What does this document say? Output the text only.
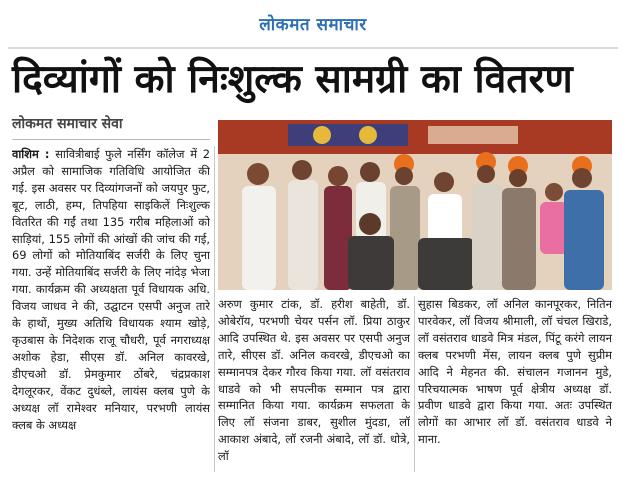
लोकमत समाचार
दिव्यांगों को निःशुल्क सामग्री का वितरण
लोकमत समाचार सेवा
वाशिम : सावित्रीबाई फुले नर्सिंग कॉलेज में 2 अप्रैल को सामाजिक गतिविधि आयोजित की गई. इस अवसर पर दिव्यांगजनों को जयपुर फुट, बूट, लाठी, हम्प, तिपहिया साइकिलें निःशुल्क वितरित की गईं तथा 135 गरीब महिलाओं को साड़ियां, 155 लोगों की आंखों की जांच की गई, 69 लोगों को मोतियाबिंद सर्जरी के लिए चुना गया. उन्हें मोतियाबिंद सर्जरी के लिए नांदेड़ भेजा गया. कार्यक्रम की अध्यक्षता पूर्व विधायक अधि. विजय जाधव ने की, उद्घाटन एसपी अनुज तारे के हाथों, मुख्य अतिथि विधायक श्याम खोड़े, कृउबास के निदेशक राजू चौधरी, पूर्व नगराध्यक्ष अशोक हेडा, सीएस डॉ. अनिल कावरखे, डीएचओ डॉ. प्रेमकुमार ठोंबरे, चंद्रप्रकाश देगलूरकर, वेंकट दुधंब्ले, लायंस क्लब पुणे के अध्यक्ष लॉ रामेश्वर मनियार, परभणी लायंस क्लब के अध्यक्ष
अरुण कुमार टांक, डॉ. हरीश बाहेती, डॉ. ओबेरॉय, परभणी चेयर पर्सन लॉ. प्रिया ठाकुर आदि उपस्थित थे. इस अवसर पर एसपी अनुज तारे, सीएस डॉ. अनिल कवरखे, डीएचओ का सम्मानपत्र देकर गौरव किया गया. लॉ वसंतराव धाडवे को भी सपत्नीक सम्मान पत्र द्वारा सम्मानित किया गया. कार्यक्रम सफलता के लिए लॉ संजना डाबर, सुशील मुंदडा, लॉ आकाश अंबादे, लॉ रजनी अंबादे, लॉ डॉ. धोत्रे, लॉ
सुहास बिडकर, लॉ अनिल कानपूरकर, नितिन पारवेकर, लॉ विजय श्रीमाली, लॉ चंचल खिराडे, लॉ वसंतराव धाडवे मित्र मंडल, पिंटू करंगे लायन क्लब परभणी मेंस, लायन क्लब पुणे सुप्रीम आदि ने मेहनत की. संचालन गजानन मुडे, परिचयात्मक भाषण पूर्व क्षेत्रीय अध्यक्ष डॉ. प्रवीण धाडवे द्वारा किया गया. अतः उपस्थित लोगों का आभार लॉ डॉ. वसंतराव धाडवे ने माना.
